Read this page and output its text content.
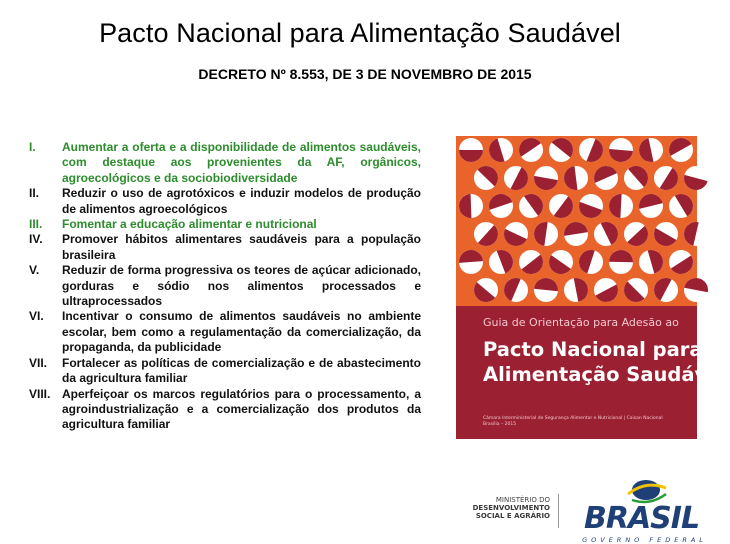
Pacto Nacional para Alimentação Saudável
DECRETO Nº 8.553, DE 3 DE NOVEMBRO DE 2015
I.	Aumentar a oferta e a disponibilidade de alimentos saudáveis, com destaque aos provenientes da AF, orgânicos, agroecológicos e da sociobiodiversidade
II.	Reduzir o uso de agrotóxicos e induzir modelos de produção de alimentos agroecológicos
III.	Fomentar a educação alimentar e nutricional
IV.	Promover hábitos alimentares saudáveis para a população brasileira
V.	Reduzir de forma progressiva os teores de açúcar adicionado, gorduras e sódio nos alimentos processados e ultraprocessados
VI.	Incentivar o consumo de alimentos saudáveis no ambiente escolar, bem como a regulamentação da comercialização, da propaganda, da publicidade
VII.	Fortalecer as políticas de comercialização e de abastecimento da agricultura familiar
VIII. Aperfeiçoar os marcos regulatórios para o processamento, a agroindustrialização e a comercialização dos produtos da agricultura familiar
Guia de Orientação para Adesão ao
Pacto Nacional para
Alimentação Saudável
Câmara Interministerial de Segurança Alimentar e Nutricional | Caisan Nacional
Brasília – 2015
MINISTÉRIO DO
DESENVOLVIMENTO
SOCIAL E AGRÁRIO BRASIL
GOVERNO FEDERAL
